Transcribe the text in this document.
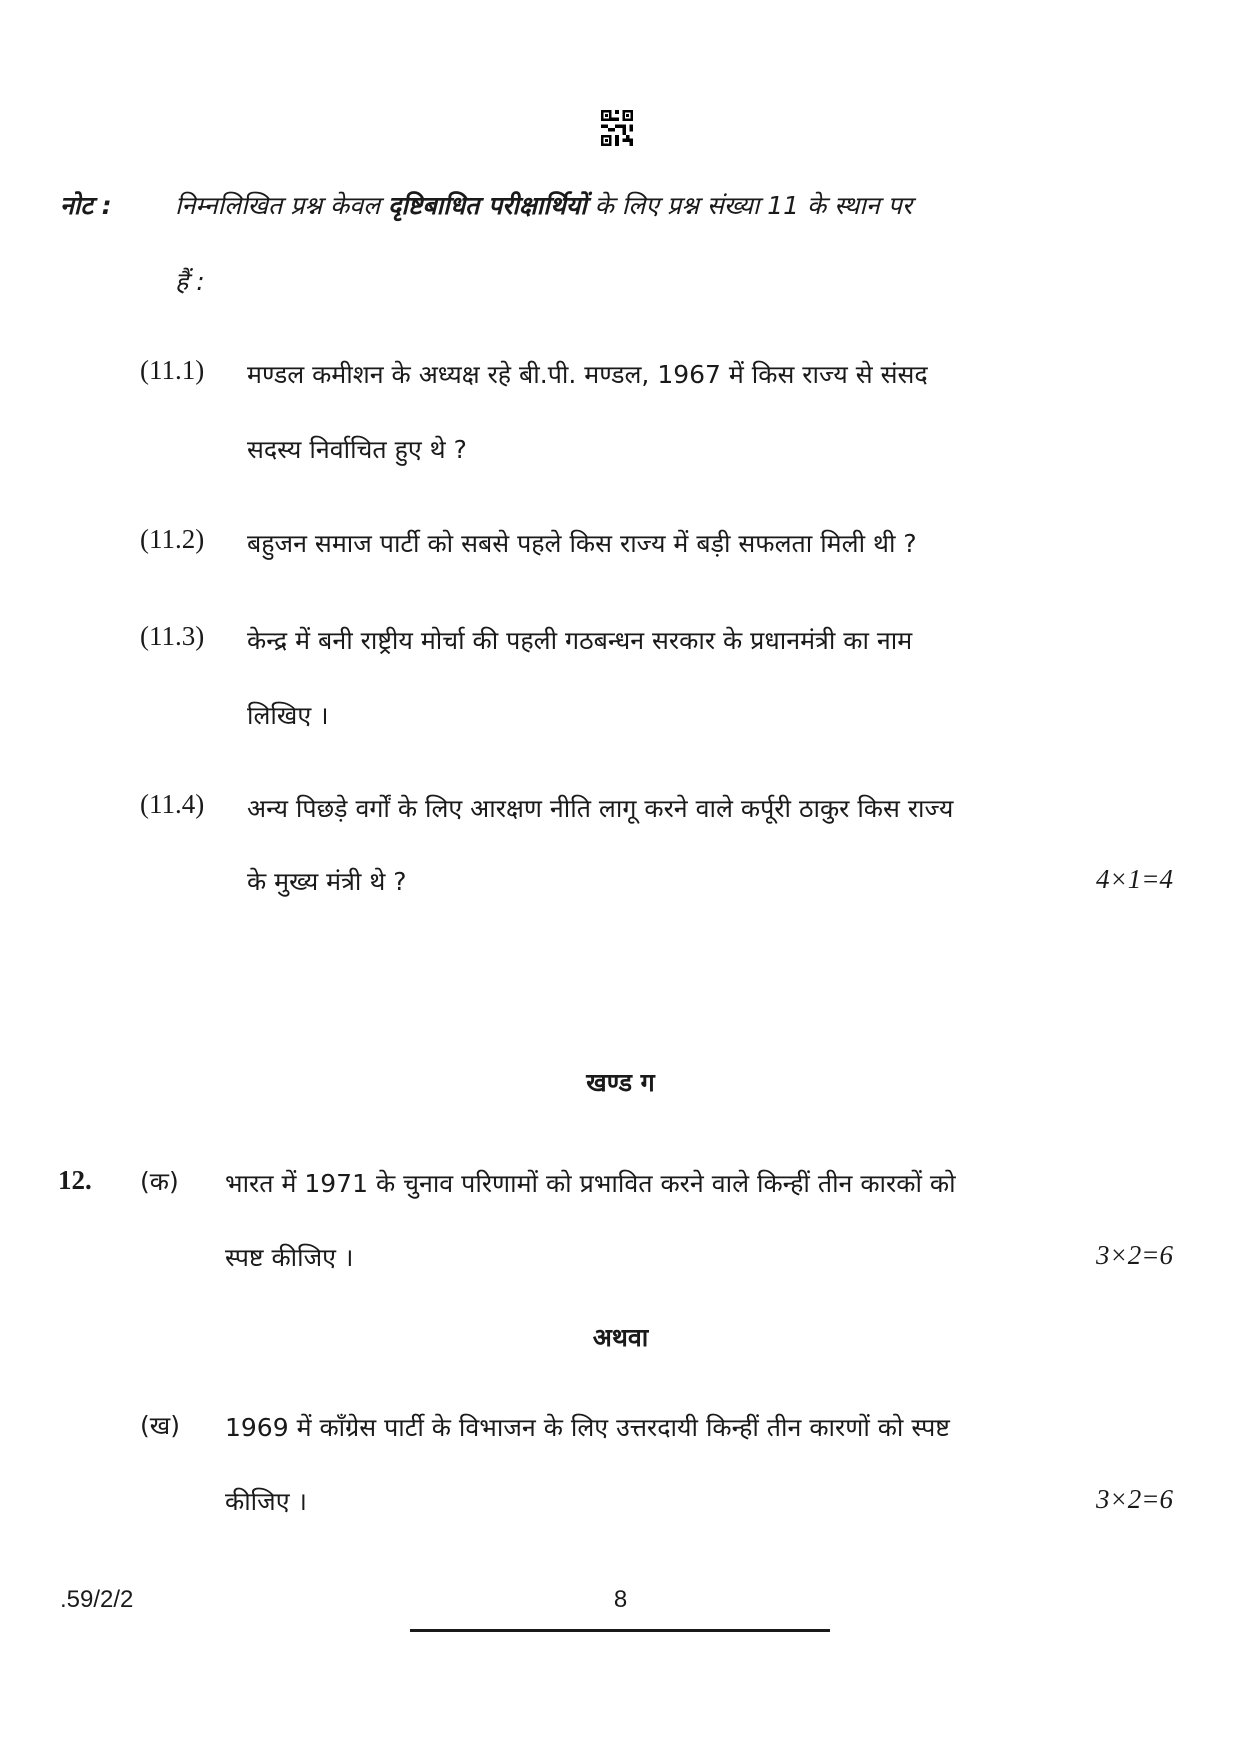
नोट :	निम्नलिखित प्रश्न केवल दृष्टिबाधित परीक्षार्थियों के लिए प्रश्न संख्या 11 के स्थान पर
हैं :
(11.1) मण्डल कमीशन के अध्यक्ष रहे बी.पी. मण्डल, 1967 में किस राज्य से संसद
सदस्य निर्वाचित हुए थे ?
(11.2) बहुजन समाज पार्टी को सबसे पहले किस राज्य में बड़ी सफलता मिली थी ?
(11.3) केन्द्र में बनी राष्ट्रीय मोर्चा की पहली गठबन्धन सरकार के प्रधानमंत्री का नाम
लिखिए ।
(11.4) अन्य पिछड़े वर्गों के लिए आरक्षण नीति लागू करने वाले कर्पूरी ठाकुर किस राज्य
के मुख्य मंत्री थे ?	4×1=4
खण्ड ग
12. (क) भारत में 1971 के चुनाव परिणामों को प्रभावित करने वाले किन्हीं तीन कारकों को
स्पष्ट कीजिए ।	3×2=6
अथवा
(ख) 1969 में काँग्रेस पार्टी के विभाजन के लिए उत्तरदायी किन्हीं तीन कारणों को स्पष्ट
कीजिए ।	3×2=6
.59/2/2	8
